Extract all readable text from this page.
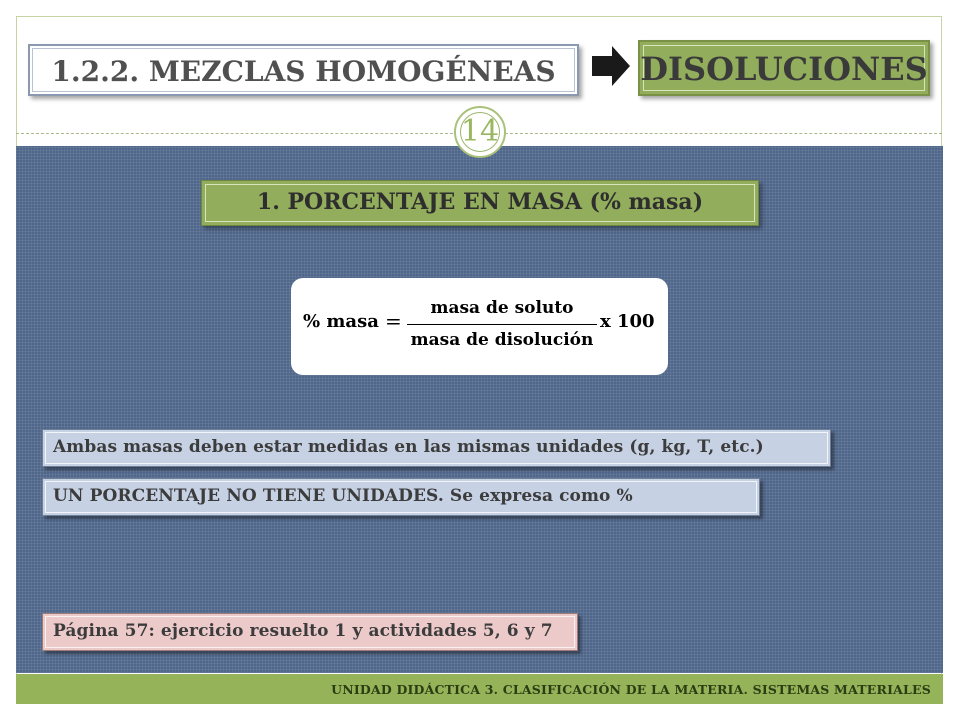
1.2.2. MEZCLAS HOMOGÉNEAS	DISOLUCIONES
14
1. PORCENTAJE EN MASA (% masa)
% masa =
masa de soluto
masa de disolución
x 100
Ambas masas deben estar medidas en las mismas unidades (g, kg, T, etc.)
UN PORCENTAJE NO TIENE UNIDADES. Se expresa como %
Página 57: ejercicio resuelto 1 y actividades 5, 6 y 7
UNIDAD DIDÁCTICA 3. CLASIFICACIÓN DE LA MATERIA. SISTEMAS MATERIALES
